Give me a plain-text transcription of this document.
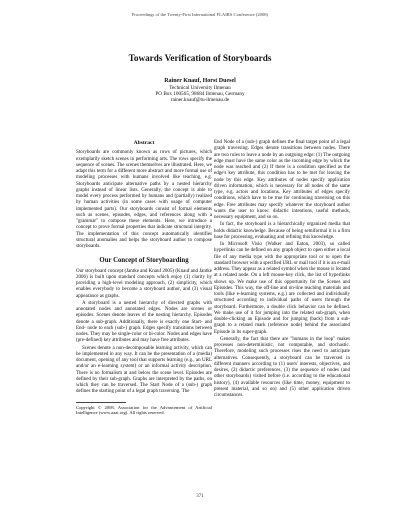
Proceedings of the Twenty-First International FLAIRS Conference (2008)
Towards Verification of Storyboards
Rainer Knauf, Horst Duesel
Technical University Ilmenau
PO Box 100565, 98684 Ilmenau, Germany
rainer.knauf@tu-ilmenau.de
Abstract

Storyboards are commonly known as rows of pictures, which exemplarily sketch scenes in performing arts. The rows specify the sequence of scenes. The scenes themselves are illustrated. Here, we adapt this term for a different more abstract and more formal use of modeling processes with humans involved like teaching, e.g. Storyboards anticipate alternative paths by a nested hierarchy graphs instead of linear lists. Generally, the concept is able to model every process performed by humans and (partially) realized by human activities (in some cases with usage of computer implemented parts). Our storyboards consist of formal elements such as scenes, episodes, edges, and references along with a "grammar" to compose these elements. Here, we introduce a concept to prove formal properties that indicate structural integrity. The implementation of this concept automatically identifies structural anomalies and helps the storyboard author to compose storyboards.

Our Concept of Storyboarding

Our storyboard concept (Jantke and Knauf 2005) (Knauf and Jantke 2006) is built upon standard concepts which enjoy (1) clarity by providing a high-level modeling approach, (2) simplicity, which enables everybody to become a storyboard author, and (3) visual appearance as graphs.

A storyboard is a nested hierarchy of directed graphs with annotated nodes and annotated edges. Nodes are scenes or episodes. Scenes denote leaves of the nesting hierarchy. Episodes denote a sub-graph. Additionally, there is exactly one Start- and End- node to each (sub-) graph. Edges specify transitions between nodes. They may be single-color or bi-color. Nodes and edges have (pre-defined) key attributes and may have free attributes.

Scenes denote a non-decomposable learning activity, which can be implemented in any way. It can be the presentation of a (media) document, opening of any tool that supports learning (e.g., an URL and/or an e-learning system) or an informal activity description. There is no formalism at and below the scene level. Episodes are defined by their sub-graph. Graphs are interpreted by the paths, on which they can be traversed. The Start Node of a (sub-) graph defines the starting point of a legal graph traversing. The

Copyright © 2008, Association for the Advancement of Artificial Intelligence (www.aaai.org). All rights reserved.

End Node of a (sub-) graph defines the final target point of a legal graph traversing. Edges denote transitions between nodes. There are two rules to leave a node by an outgoing edge: (1) The outgoing edge must have the same color as the incoming edge by which the node was reached and (2) If there is a condition specified as the edge's key attribute, this condition has to be met for leaving the node by this edge. Key attributes of nodes specify application driven information, which is necessary for all nodes of the same type, e.g. actors and locations. Key attributes of edges specify conditions, which have to be true for continuing traversing on this edge. Free attributes may specify whatever the storyboard author wants the user to know: didactic intentions, useful methods, necessary equipment, and so on.

In fact, the storyboard is a hierarchically organized media that holds didactic knowledge. Because of being semiformal it is a firm base for processing, evaluating and refining this knowledge.

In Microsoft Visio (Walker and Eaton, 2003), so called hyperlinks can be defined on any graph object to open either a local file of any media type with the appropriate tool or to open the standard browser with a specified URL or mail tool if it is an e-mail address. They appear as a related symbol when the mouse is located at a related node. On a left mouse-key click, the list of hyperlinks shows up. We make use of this opportunity for the Scenes and Episodes. This way, the off-line and on-line teaching materials and tools (like e-learning systems, e.g.) are collected and individually structured according to individual paths of users through the storyboard. Furthermore, a double click behavior can be defined. We make use of it for jumping into the related sub-graph, when double-clicking an Episode and for jumping (back) from a sub-graph to a related mark (reference node) behind the associated Episode in its super-graph.

Generally, the fact that there are "humans in the loop" makes processes non-deterministic, not computable, and stochastic. Therefore, modeling such processes rises the need to anticipate alternatives. Consequently, a storyboard can be traversed in different manners according to (1) users' interests, objectives, and desires, (2) didactic preferences, (3) the sequence of nodes (and other storyboards) visited before (i.e. according to the educational history), (4) available resources (like time, money, equipment to present material, and so on) and (5) other application driven circumstances.

371
